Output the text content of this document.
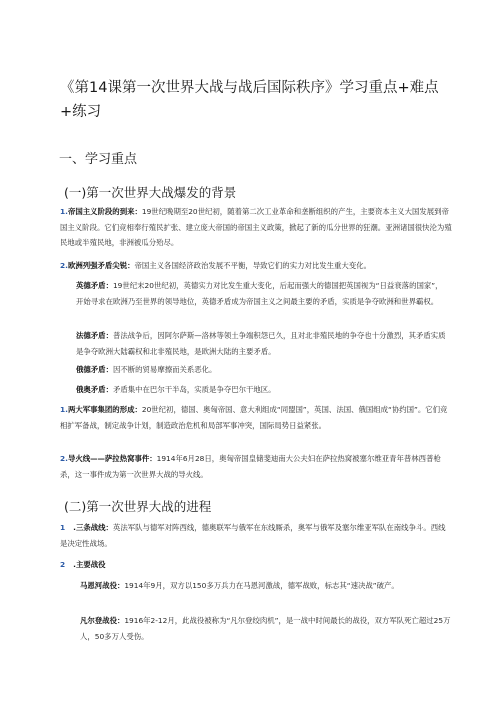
《第14课第一次世界大战与战后国际秩序》学习重点+难点+练习
一、学习重点
(一)第一次世界大战爆发的背景
1.帝国主义阶段的到来：19世纪晚期至20世纪初，随着第二次工业革命和垄断组织的产生，主要资本主义大国发展到帝国主义阶段。它们竞相奉行殖民扩张、建立庞大帝国的帝国主义政策，掀起了新的瓜分世界的狂潮。亚洲诸国很快沦为殖民地或半殖民地，非洲被瓜分殆尽。
2.欧洲列强矛盾尖锐：帝国主义各国经济政治发展不平衡，导致它们的实力对比发生重大变化。
英德矛盾：19世纪末20世纪初，英德实力对比发生重大变化，后起而强大的德国把英国视为“日益衰落的国家”，开始寻求在欧洲乃至世界的领导地位，英德矛盾成为帝国主义之间最主要的矛盾，实质是争夺欧洲和世界霸权。
法德矛盾：普法战争后，因阿尔萨斯—洛林等领土争端积怨已久，且对北非殖民地的争夺也十分激烈，其矛盾实质是争夺欧洲大陆霸权和北非殖民地，是欧洲大陆的主要矛盾。
俄德矛盾：因不断的贸易摩擦而关系恶化。
俄奥矛盾：矛盾集中在巴尔干半岛，实质是争夺巴尔干地区。
1.两大军事集团的形成：20世纪初，德国、奥匈帝国、意大利组成“同盟国”，英国、法国、俄国组成“协约国”。它们竞相扩军备战，制定战争计划，制造政治危机和局部军事冲突，国际局势日益紧张。
2.导火线——萨拉热窝事件：1914年6月28日，奥匈帝国皇储斐迪南大公夫妇在萨拉热窝被塞尔维亚青年普林西普枪杀，这一事件成为第一次世界大战的导火线。
(二)第一次世界大战的进程
1 .三条战线：英法军队与德军对阵西线，德奥联军与俄军在东线厮杀，奥军与俄军及塞尔维亚军队在南线争斗。西线是决定性战场。
2 .主要战役
马恩河战役：1914年9月，双方以150多万兵力在马恩河激战，德军战败，标志其“速决战”破产。
凡尔登战役：1916年2-12月，此战役被称为“凡尔登绞肉机”，是一战中时间最长的战役，双方军队死亡超过25万人，50多万人受伤。
